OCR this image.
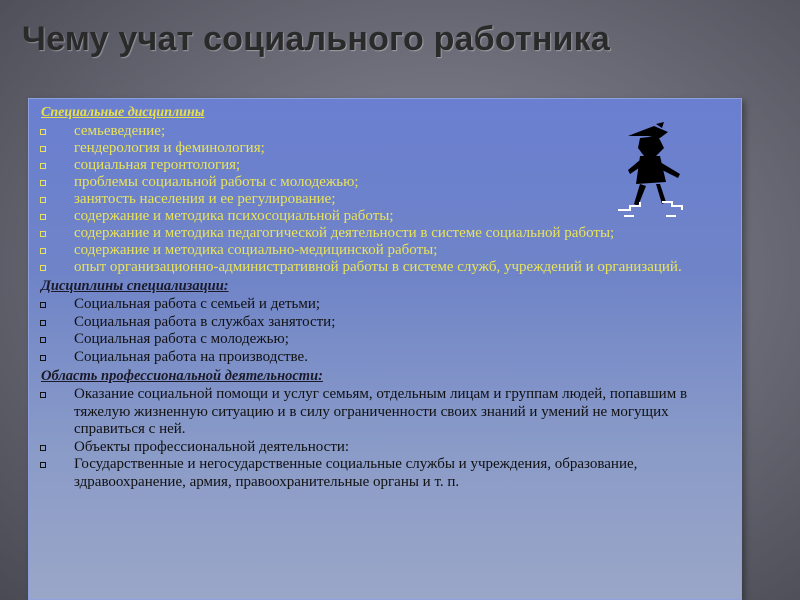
Чему учат социального работника
Специальные дисциплины
семьеведение;
гендерология и феминология;
социальная геронтология;
проблемы социальной работы с молодежью;
занятость населения и ее регулирование;
содержание и методика психосоциальной работы;
содержание и методика педагогической деятельности в системе социальной работы;
содержание и методика социально-медицинской работы;
опыт организационно-административной работы в системе служб, учреждений и организаций.
Дисциплины специализации:
Социальная работа с семьей и детьми;
Социальная работа в службах занятости;
Социальная работа с молодежью;
Социальная работа на производстве.
Область профессиональной деятельности:
Оказание социальной помощи и услуг семьям, отдельным лицам и группам людей, попавшим в тяжелую жизненную ситуацию и в силу ограниченности своих знаний и умений не могущих справиться с ней.
Объекты профессиональной деятельности:
Государственные и негосударственные социальные службы и учреждения, образование, здравоохранение, армия, правоохранительные органы и т. п.
